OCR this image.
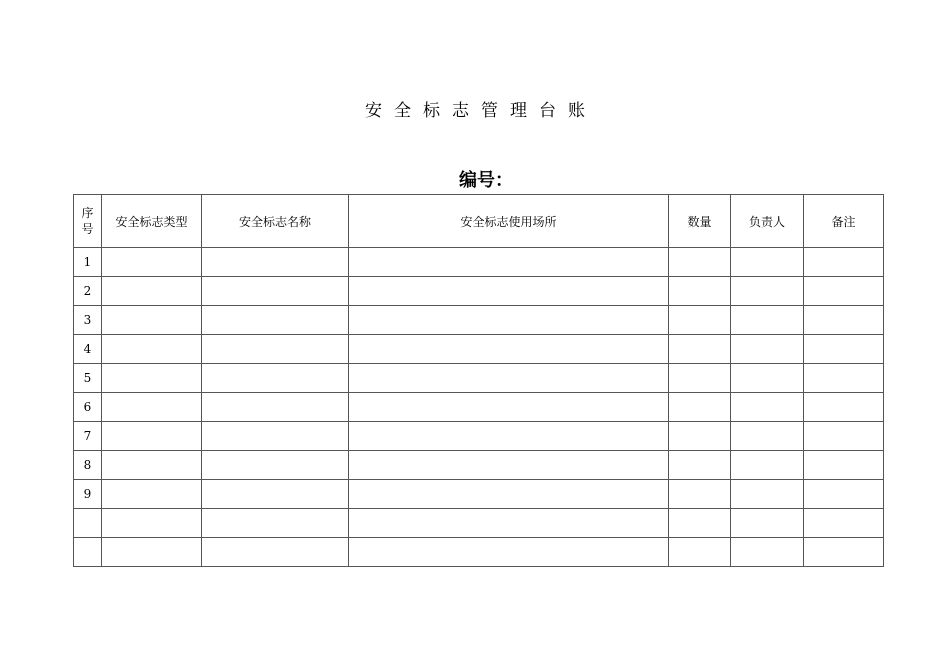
安全标志管理台账
编号：
序
号	安全标志类型	安全标志名称	安全标志使用场所	数量	负责人	备注
1						
2						
3						
4						
5						
6						
7						
8						
9						
